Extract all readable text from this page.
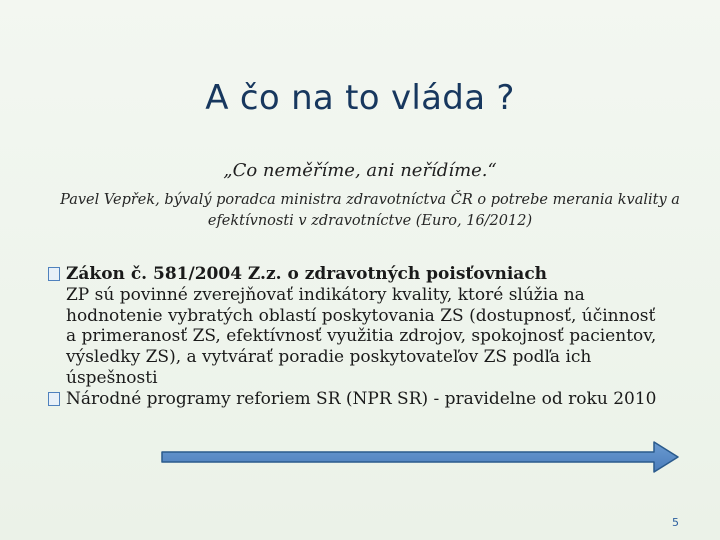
A čo na to vláda ?
„Co neměříme, ani neřídíme.“
Pavel Vepřek, bývalý poradca ministra zdravotníctva ČR o potrebe merania kvality a efektívnosti v zdravotníctve (Euro, 16/2012)
Zákon č. 581/2004 Z.z. o zdravotných poisťovniach
ZP sú povinné zverejňovať indikátory kvality, ktoré slúžia na hodnotenie vybratých oblastí poskytovania ZS (dostupnosť, účinnosť a primeranosť ZS, efektívnosť využitia zdrojov, spokojnosť pacientov, výsledky ZS), a vytvárať poradie poskytovateľov ZS podľa ich úspešnosti
Národné programy reforiem SR (NPR SR) - pravidelne od roku 2010
5
